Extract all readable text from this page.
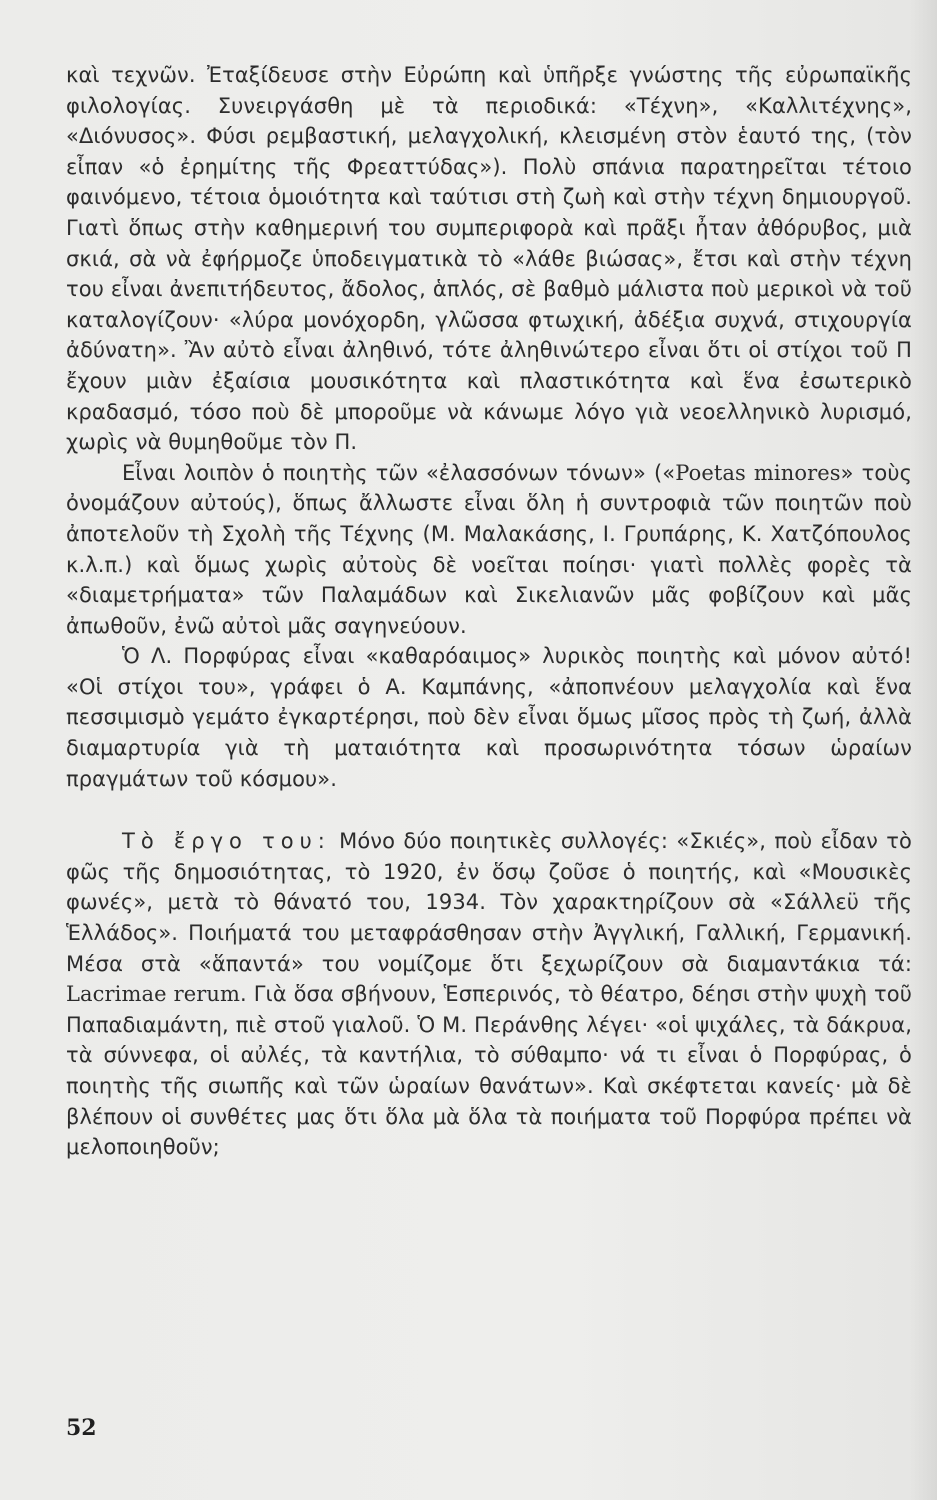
καὶ τεχνῶν. Ἐταξίδευσε στὴν Εὐρώπη καὶ ὑπῆρξε γνώστης τῆς εὐρωπαϊκῆς φιλολογίας. Συνειργάσθη μὲ τὰ περιοδικά: «Τέχνη», «Καλλιτέχνης», «Διόνυσος». Φύσι ρεμβαστική, μελαγχολική, κλεισμένη στὸν ἑαυτό της, (τὸν εἶπαν «ὁ ἐρημίτης τῆς Φρεαττύδας»). Πολὺ σπάνια παρατηρεῖται τέτοιο φαινόμενο, τέτοια ὁμοιότητα καὶ ταύτισι στὴ ζωὴ καὶ στὴν τέχνη δημιουργοῦ. Γιατὶ ὅπως στὴν καθημερινή του συμπεριφορὰ καὶ πρᾶξι ἦταν ἀθόρυβος, μιὰ σκιά, σὰ νὰ ἐφήρμοζε ὑποδειγματικὰ τὸ «λάθε βιώσας», ἔτσι καὶ στὴν τέχνη του εἶναι ἀνεπιτήδευτος, ἄδολος, ἁπλός, σὲ βαθμὸ μάλιστα ποὺ μερικοὶ νὰ τοῦ καταλογίζουν· «λύρα μονόχορδη, γλῶσσα φτωχική, ἀδέξια συχνά, στιχουργία ἀδύνατη». Ἂν αὐτὸ εἶναι ἀληθινό, τότε ἀληθινώτερο εἶναι ὅτι οἱ στίχοι τοῦ Π ἔχουν μιὰν ἐξαίσια μουσικότητα καὶ πλαστικότητα καὶ ἕνα ἐσωτερικὸ κραδασμό, τόσο ποὺ δὲ μποροῦμε νὰ κάνωμε λόγο γιὰ νεοελληνικὸ λυρισμό, χωρὶς νὰ θυμηθοῦμε τὸν Π.

Εἶναι λοιπὸν ὁ ποιητὴς τῶν «ἐλασσόνων τόνων» («Poetas minores» τοὺς ὀνομάζουν αὐτούς), ὅπως ἄλλωστε εἶναι ὅλη ἡ συντροφιὰ τῶν ποιητῶν ποὺ ἀποτελοῦν τὴ Σχολὴ τῆς Τέχνης (Μ. Μαλακάσης, Ι. Γρυπάρης, Κ. Χατζόπουλος κ.λ.π.) καὶ ὅμως χωρὶς αὐτοὺς δὲ νοεῖται ποίησι· γιατὶ πολλὲς φορὲς τὰ «διαμετρήματα» τῶν Παλαμάδων καὶ Σικελιανῶν μᾶς φοβίζουν καὶ μᾶς ἀπωθοῦν, ἐνῶ αὐτοὶ μᾶς σαγηνεύουν.

Ὁ Λ. Πορφύρας εἶναι «καθαρόαιμος» λυρικὸς ποιητὴς καὶ μόνον αὐτό! «Οἱ στίχοι του», γράφει ὁ Α. Καμπάνης, «ἀποπνέουν μελαγχολία καὶ ἕνα πεσσιμισμὸ γεμάτο ἐγκαρτέρησι, ποὺ δὲν εἶναι ὅμως μῖσος πρὸς τὴ ζωή, ἀλλὰ διαμαρτυρία γιὰ τὴ ματαιότητα καὶ προσωρινότητα τόσων ὡραίων πραγμάτων τοῦ κόσμου».

Τὸ ἔργο του: Μόνο δύο ποιητικὲς συλλογές: «Σκιές», ποὺ εἶδαν τὸ φῶς τῆς δημοσιότητας, τὸ 1920, ἐν ὅσῳ ζοῦσε ὁ ποιητής, καὶ «Μουσικὲς φωνές», μετὰ τὸ θάνατό του, 1934. Τὸν χαρακτηρίζουν σὰ «Σάλλεϋ τῆς Ἑλλάδος». Ποιήματά του μεταφράσθησαν στὴν Ἀγγλική, Γαλλική, Γερμανική. Μέσα στὰ «ἅπαντά» του νομίζομε ὅτι ξεχωρίζουν σὰ διαμαντάκια τά: Lacrimae rerum. Γιὰ ὅσα σβήνουν, Ἑσπερινός, τὸ θέατρο, δέησι στὴν ψυχὴ τοῦ Παπαδιαμάντη, πιὲ στοῦ γιαλοῦ. Ὁ Μ. Περάνθης λέγει· «οἱ ψιχάλες, τὰ δάκρυα, τὰ σύννεφα, οἱ αὐλές, τὰ καντήλια, τὸ σύθαμπο· νά τι εἶναι ὁ Πορφύρας, ὁ ποιητὴς τῆς σιωπῆς καὶ τῶν ὡραίων θανάτων». Καὶ σκέφτεται κανείς· μὰ δὲ βλέπουν οἱ συνθέτες μας ὅτι ὅλα μὰ ὅλα τὰ ποιήματα τοῦ Πορφύρα πρέπει νὰ μελοποιηθοῦν;

52
